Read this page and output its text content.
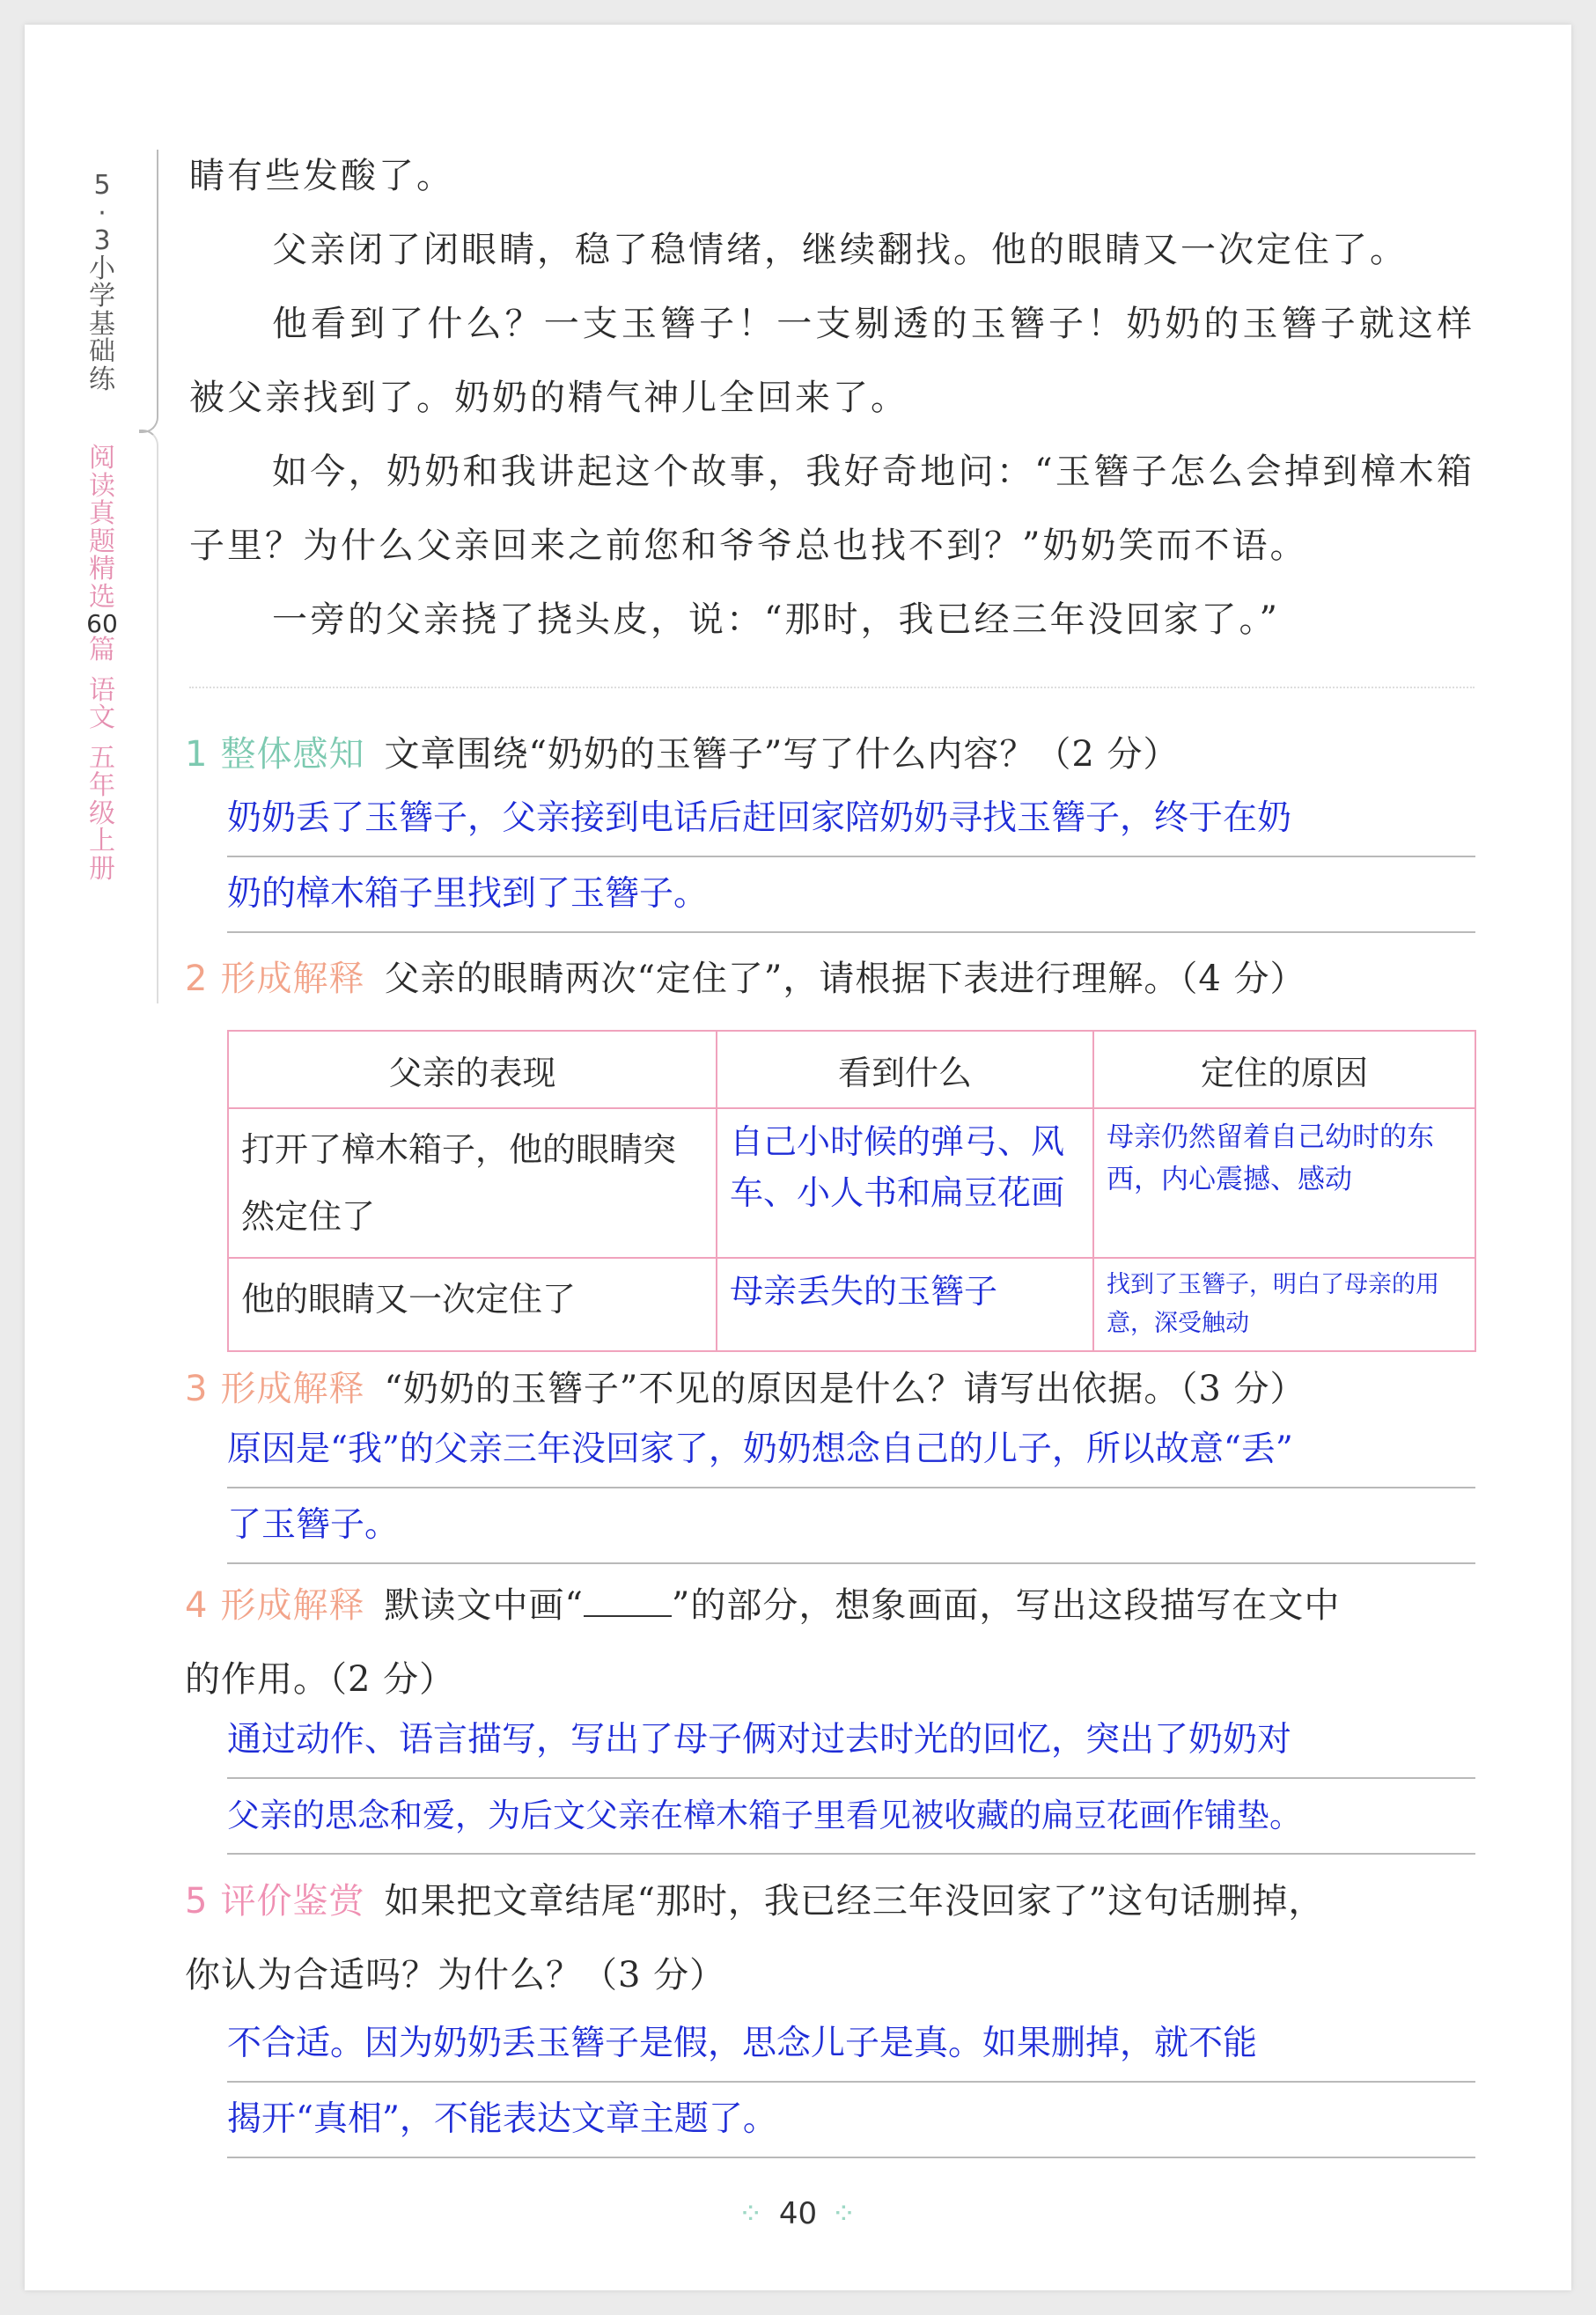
5
·
3
小
学
基
础
练
阅
读
真
题
精
选
60
篇
语
文
五
年
级
上
册

睛有些发酸了。

父亲闭了闭眼睛，稳了稳情绪，继续翻找。他的眼睛又一次定住了。

他看到了什么？一支玉簪子！一支剔透的玉簪子！奶奶的玉簪子就这样被父亲找到了。奶奶的精气神儿全回来了。

如今，奶奶和我讲起这个故事，我好奇地问：“玉簪子怎么会掉到樟木箱子里？为什么父亲回来之前您和爷爷总也找不到？”奶奶笑而不语。

一旁的父亲挠了挠头皮，说：“那时，我已经三年没回家了。”

1 整体感知 文章围绕“奶奶的玉簪子”写了什么内容？（2 分）
奶奶丢了玉簪子，父亲接到电话后赶回家陪奶奶寻找玉簪子，终于在奶
奶的樟木箱子里找到了玉簪子。
2 形成解释 父亲的眼睛两次“定住了”，请根据下表进行理解。（4 分）
父亲的表现	看到什么	定住的原因
打开了樟木箱子，他的眼睛突然定住了	自己小时候的弹弓、风车、小人书和扁豆花画	母亲仍然留着自己幼时的东西，内心震撼、感动
他的眼睛又一次定住了	母亲丢失的玉簪子	找到了玉簪子，明白了母亲的用意，深受触动
3 形成解释 “奶奶的玉簪子”不见的原因是什么？请写出依据。（3 分）
原因是“我”的父亲三年没回家了，奶奶想念自己的儿子，所以故意“丢”
了玉簪子。
4 形成解释 默读文中画“	”的部分，想象画面，写出这段描写在文中
的作用。（2 分）
通过动作、语言描写，写出了母子俩对过去时光的回忆，突出了奶奶对
父亲的思念和爱，为后文父亲在樟木箱子里看见被收藏的扁豆花画作铺垫。
5 评价鉴赏 如果把文章结尾“那时，我已经三年没回家了”这句话删掉，
你认为合适吗？为什么？（3 分）
不合适。因为奶奶丢玉簪子是假，思念儿子是真。如果删掉，就不能
揭开“真相”，不能表达文章主题了。
⁘ 40 ⁘
